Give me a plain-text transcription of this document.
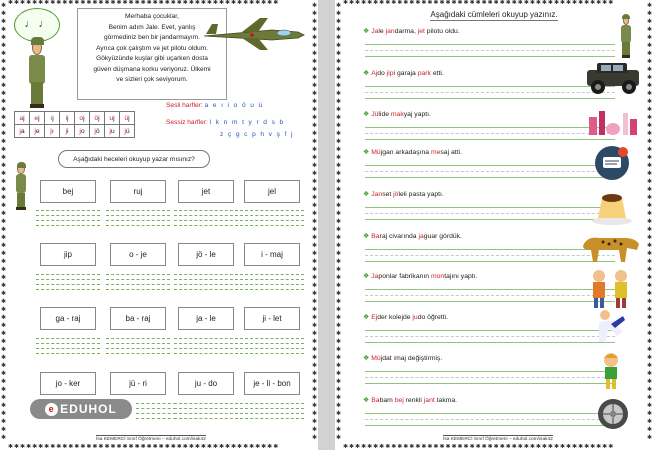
✱✱✱✱✱✱✱✱✱✱✱✱✱✱✱✱✱✱✱✱✱✱✱✱✱✱✱✱✱✱✱✱✱✱✱✱✱✱✱✱✱✱✱✱✱
✱✱✱✱✱✱✱✱✱✱✱✱✱✱✱✱✱✱✱✱✱✱✱✱✱✱✱✱✱✱✱✱✱✱✱✱✱✱✱✱✱✱✱✱✱
✱
✱
✱
✱
✱
✱
✱
✱
✱
✱
✱
✱
✱
✱
✱
✱
✱
✱
✱
✱
✱
✱
✱
✱
✱
✱
✱
✱
✱
✱
✱
✱
✱
✱
✱
✱
✱
✱
✱
✱
✱
✱
✱
✱
✱
✱
✱
✱
✱
✱
✱
✱
✱
✱
✱
✱
✱
✱
✱
✱
✱
✱
✱
✱
✱
✱
✱
✱
✱
✱
✱
✱
✱
✱
✱
✱
✱
✱
✱
✱
✱
✱
✱
✱
✱
✱
✱
✱
✱
✱
✱
✱
✱
✱
✱
✱
✱
✱
✱
✱
✱
✱
✱
✱
✱
✱
✱
✱
✱
✱
♩ ♩
Merhaba çocuklar,
Benim adım Jale. Evet, yanlış
görmediniz ben bir jandarmayım.
Ayrıca çok çalıştım ve jet pilotu oldum.
Gökyüzünde kuşlar gibi uçarken dosta
güven düşmana korku veriyoruz. Ülkemi
ve sizleri çok seviyorum.
Sesli harfler: a e ı i o ö u ü
Sessiz harfler: l k n m t y r d s b
z ç g c p h v ş f j
aj	ej	ıj	ij	oj	öj	uj	üj
ja	je	jı	ji	jo	jö	ju	jü
Aşağıdaki heceleri okuyup yazar mısınız?
bej	ruj	jet	jel
jip	o - je	jö - le	i - maj
ga - raj	ba - raj	ja - le	ji - let
jo - ker	jü - ri	ju - do	je - li - bon
e EDUHOL
İsa KEMERCİ Sınıf Öğretmeni – eduhol.com/isak42
✱✱✱✱✱✱✱✱✱✱✱✱✱✱✱✱✱✱✱✱✱✱✱✱✱✱✱✱✱✱✱✱✱✱✱✱✱✱✱✱✱✱✱✱✱
✱✱✱✱✱✱✱✱✱✱✱✱✱✱✱✱✱✱✱✱✱✱✱✱✱✱✱✱✱✱✱✱✱✱✱✱✱✱✱✱✱✱✱✱✱
✱
✱
✱
✱
✱
✱
✱
✱
✱
✱
✱
✱
✱
✱
✱
✱
✱
✱
✱
✱
✱
✱
✱
✱
✱
✱
✱
✱
✱
✱
✱
✱
✱
✱
✱
✱
✱
✱
✱
✱
✱
✱
✱
✱
✱
✱
✱
✱
✱
✱
✱
✱
✱
✱
✱
✱
✱
✱
✱
✱
✱
✱
✱
✱
✱
✱
✱
✱
✱
✱
✱
✱
✱
✱
✱
✱
✱
✱
✱
✱
✱
✱
✱
✱
✱
✱
✱
✱
✱
✱
✱
✱
✱
✱
✱
✱
✱
✱
✱
✱
✱
✱
✱
✱
✱
✱
✱
✱
✱
✱
Aşağıdaki cümleleri okuyup yazınız.
❖ Jale jandarma, jet pilotu oldu.
❖ Ajdo jipi garaja park etti.
❖ Jülide makyaj yaptı.
❖ Müjgan arkadaşına mesaj atti.
❖ Janset jöleli pasta yaptı.
❖ Baraj civarında jaguar gördük.
❖ Japonlar fabrikanın montajını yaptı.
❖ Ejder kolejde judo öğretti.
❖ Müjdat imaj değiştirmiş.
❖ Babam bej renkli jant takma.
İsa KEMERCİ Sınıf Öğretmeni – eduhol.com/isak42
